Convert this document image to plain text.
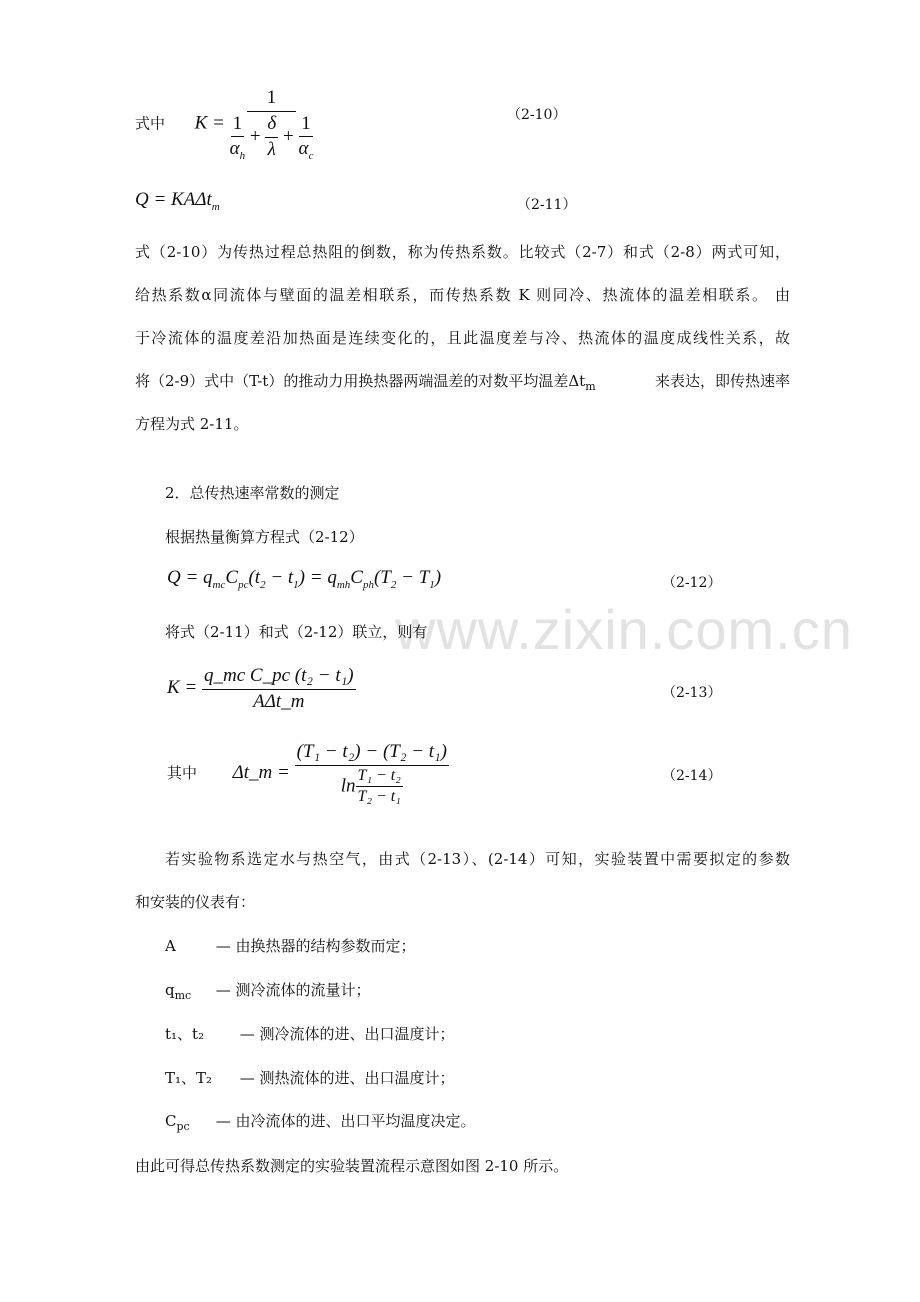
www.zixin.com.cn
式中 $K = \frac{1}{\frac{1}{\alpha_h} + \frac{\delta}{\lambda} + \frac{1}{\alpha_c}}$	（2-10）
Q = KAΔt$_m$	（2-11）
式（2-10）为传热过程总热阻的倒数，称为传热系数。比较式（2-7）和式（2-8）两式可知，
给热系数α同流体与壁面的温差相联系，而传热系数 K 则同冷、热流体的温差相联系。 由
于冷流体的温度差沿加热面是连续变化的，且此温度差与冷、热流体的温度成线性关系，故
将（2-9）式中（T-t）的推动力用换热器两端温差的对数平均温差$\Delta t_m$	来表达，即传热速率
方程为式 2-11。
2．总传热速率常数的测定
根据热量衡算方程式（2-12）
$Q = q_{mc}C_{pc}(t_2 - t_1) = q_{mh}C_{ph}(T_2 - T_1)$	（2-12）
将式（2-11）和式（2-12）联立，则有
$K = \frac{\text{q\_mc C\_pc (t₂ − t₁)}}{\text{AΔt\_m}}$	（2-13）
其中 Δt_m = $\frac{\text{(T₁ − t₂) − (T₂ − t₁)}}{\ln \frac{\text{T₁ − t₂}}{\text{T₂ − t₁}}}$	（2-14）
若实验物系选定水与热空气，由式（2-13）、(2-14）可知，实验装置中需要拟定的参数
和安装的仪表有：
由此可得总传热系数测定的实验装置流程示意图如图 2-10 所示。
A	— 由换热器的结构参数而定；
$q_{mc}$ — 测冷流体的流量计；
t₁、t₂ — 测冷流体的进、出口温度计；
T₁、T₂ — 测热流体的进、出口温度计；
$C_{pc}$ — 由冷流体的进、出口平均温度决定。
